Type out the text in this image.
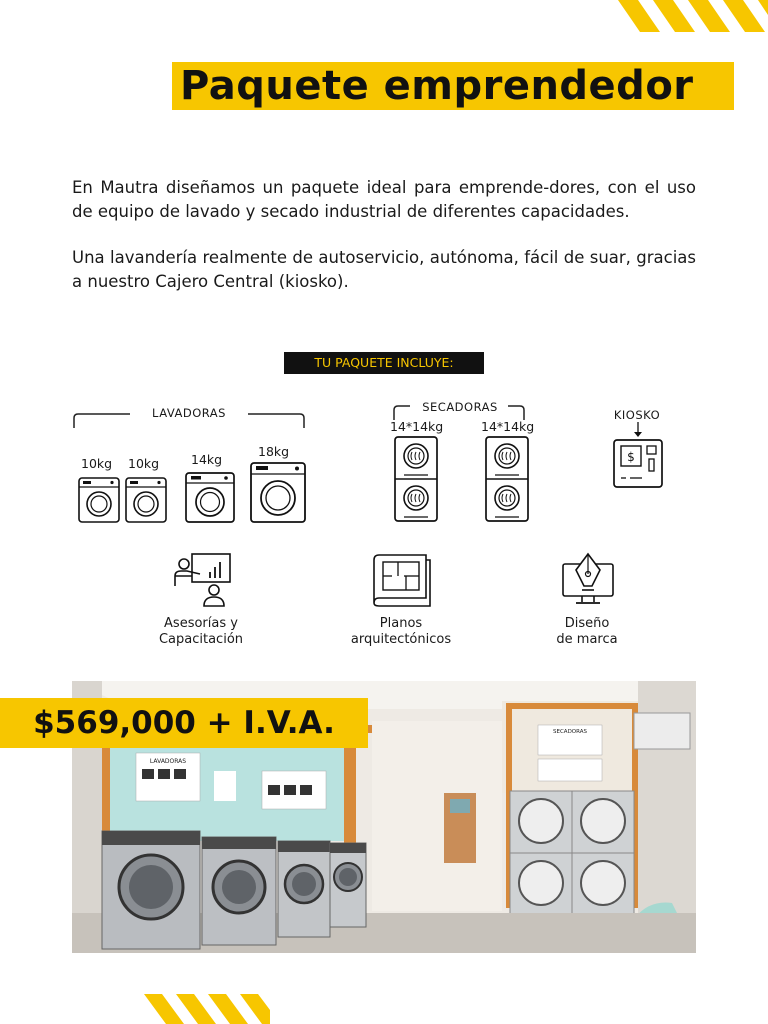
Paquete emprendedor

En Mautra diseñamos un paquete ideal para emprende-dores, con el uso de equipo de lavado y secado industrial de diferentes capacidades.

Una lavandería realmente de autoservicio, autónoma, fácil de suar, gracias a nuestro Cajero Central (kiosko).

TU PAQUETE INCLUYE:
LAVADORAS
10kg 10kg	14kg
18kg
SECADORAS
14*14kg	14*14kg
KIOSKO
$
Asesorías y
Capacitación
Planos
arquitectónicos
Diseño
de marca
LAVADORAS
SECADORAS
$569,000 + I.V.A.
